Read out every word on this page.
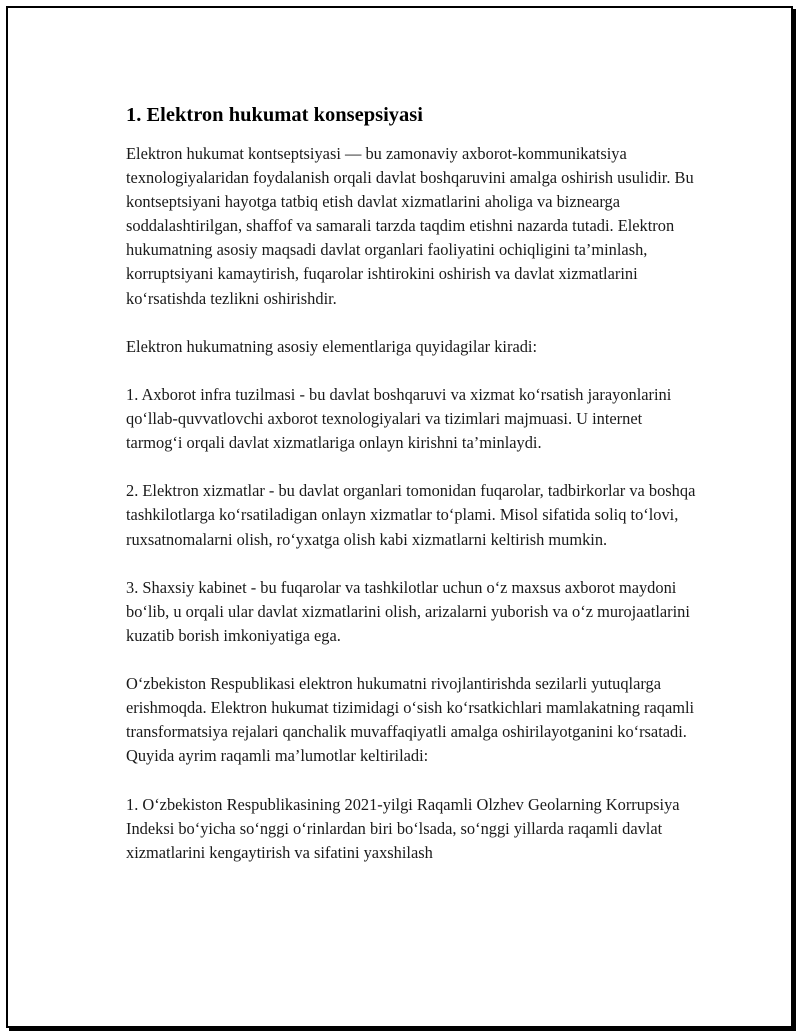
1. Elektron hukumat konsepsiyasi

Elektron hukumat kontseptsiyasi — bu zamonaviy axborot-kommunikatsiya texnologiyalaridan foydalanish orqali davlat boshqaruvini amalga oshirish usulidir. Bu kontseptsiyani hayotga tatbiq etish davlat xizmatlarini aholiga va biznearga soddalashtirilgan, shaffof va samarali tarzda taqdim etishni nazarda tutadi. Elektron hukumatning asosiy maqsadi davlat organlari faoliyatini ochiqligini ta’minlash, korruptsiyani kamaytirish, fuqarolar ishtirokini oshirish va davlat xizmatlarini ko‘rsatishda tezlikni oshirishdir.

Elektron hukumatning asosiy elementlariga quyidagilar kiradi:

1. Axborot infra tuzilmasi - bu davlat boshqaruvi va xizmat ko‘rsatish jarayonlarini qo‘llab-quvvatlovchi axborot texnologiyalari va tizimlari majmuasi. U internet tarmog‘i orqali davlat xizmatlariga onlayn kirishni ta’minlaydi.

2. Elektron xizmatlar - bu davlat organlari tomonidan fuqarolar, tadbirkorlar va boshqa tashkilotlarga ko‘rsatiladigan onlayn xizmatlar to‘plami. Misol sifatida soliq to‘lovi, ruxsatnomalarni olish, ro‘yxatga olish kabi xizmatlarni keltirish mumkin.

3. Shaxsiy kabinet - bu fuqarolar va tashkilotlar uchun o‘z maxsus axborot maydoni bo‘lib, u orqali ular davlat xizmatlarini olish, arizalarni yuborish va o‘z murojaatlarini kuzatib borish imkoniyatiga ega.

O‘zbekiston Respublikasi elektron hukumatni rivojlantirishda sezilarli yutuqlarga erishmoqda. Elektron hukumat tizimidagi o‘sish ko‘rsatkichlari mamlakatning raqamli transformatsiya rejalari qanchalik muvaffaqiyatli amalga oshirilayotganini ko‘rsatadi. Quyida ayrim raqamli ma’lumotlar keltiriladi:

1. O‘zbekiston Respublikasining 2021-yilgi Raqamli Olzhev Geolarning Korrupsiya Indeksi bo‘yicha so‘nggi o‘rinlardan biri bo‘lsada, so‘nggi yillarda raqamli davlat xizmatlarini kengaytirish va sifatini yaxshilash
